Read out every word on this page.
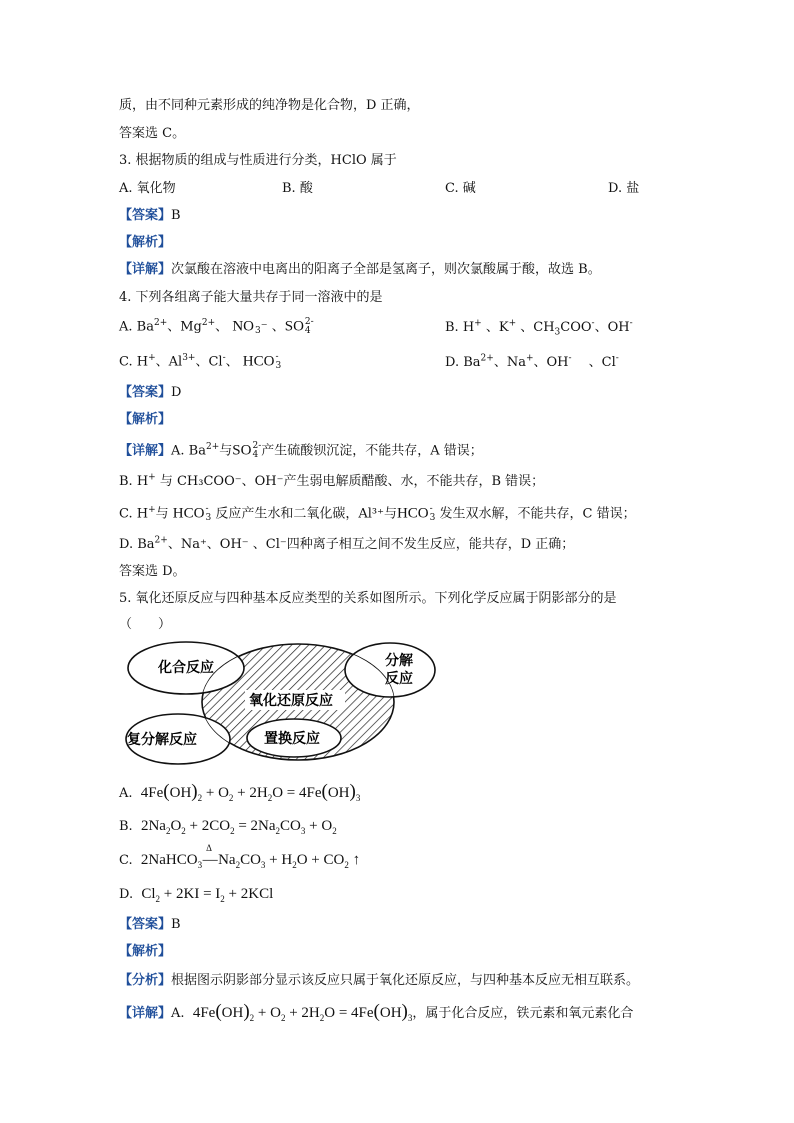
质，由不同种元素形成的纯净物是化合物，D 正确，
答案选 C。
3. 根据物质的组成与性质进行分类，HClO 属于
A. 氧化物	B. 酸	C. 碱	D. 盐
【答案】B
【解析】
【详解】次氯酸在溶液中电离出的阳离子全部是氢离子，则次氯酸属于酸，故选 B。
4. 下列各组离子能大量共存于同一溶液中的是
A. $Ba^{2+}$、$Mg^{2+}$、 NO 3 ⁻ 、SO 2-
4	B. H+ 、K+ 、$CH_3COO^-$、OH-
C. H+、$Al^{3+}$、Cl-、 HCO -
3	D. $Ba^{2+}$、Na+、OH- 　、Cl-
【答案】D
【解析】
【详解】A. $Ba^{2+}$与SO 2-
4 产生硫酸钡沉淀，不能共存，A 错误；
B. H+ 与 CH₃COO⁻、OH⁻产生弱电解质醋酸、水，不能共存，B 错误；
C. H+与 HCO -
3 反应产生水和二氧化碳，Al³⁺与HCO -
3 发生双水解，不能共存，C 错误；
D. $Ba^{2+}$、Na⁺、OH⁻ 、Cl⁻四种离子相互之间不发生反应，能共存，D 正确；
答案选 D。
5. 氧化还原反应与四种基本反应类型的关系如图所示。下列化学反应属于阴影部分的是
（　　）
化合反应	分解
反应
氧化还原反应
复分解反应	置换反应
A. $4Fe(OH)_2 + O_2 + 2H_2O = 4Fe(OH)_3$
B. $2Na_2O_2 + 2CO_2 = 2Na_2CO_3 + O_2$
C. 2NaHCO$_3$
Δ
$—Na_2CO_3 + H_2O + CO_2$ ↑
D. $Cl_2 + 2KI = I_2 + 2KCl$
【答案】B
【解析】
【分析】根据图示阴影部分显示该反应只属于氧化还原反应，与四种基本反应无相互联系。
【详解】A.  $4Fe(OH)_2 + O_2 + 2H_2O = 4Fe(OH)_3$，属于化合反应，铁元素和氧元素化合
